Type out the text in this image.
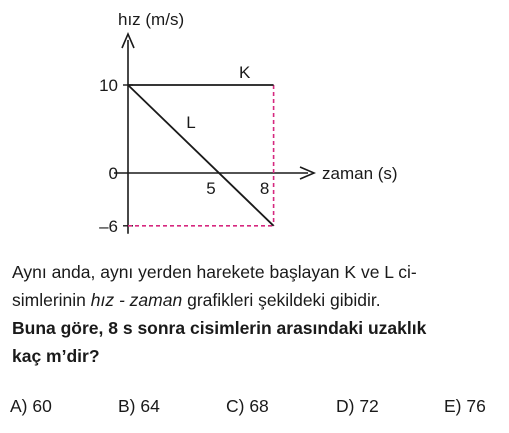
K
L
hız (m/s)
zaman (s)
10
0
–6
5	8
Aynı anda, aynı yerden harekete başlayan K ve L ci-
simlerinin hız - zaman grafikleri şekildeki gibidir.
Buna göre, 8 s sonra cisimlerin arasındaki uzaklık
kaç m’dir?
A) 60	B) 64	C) 68	D) 72	E) 76
